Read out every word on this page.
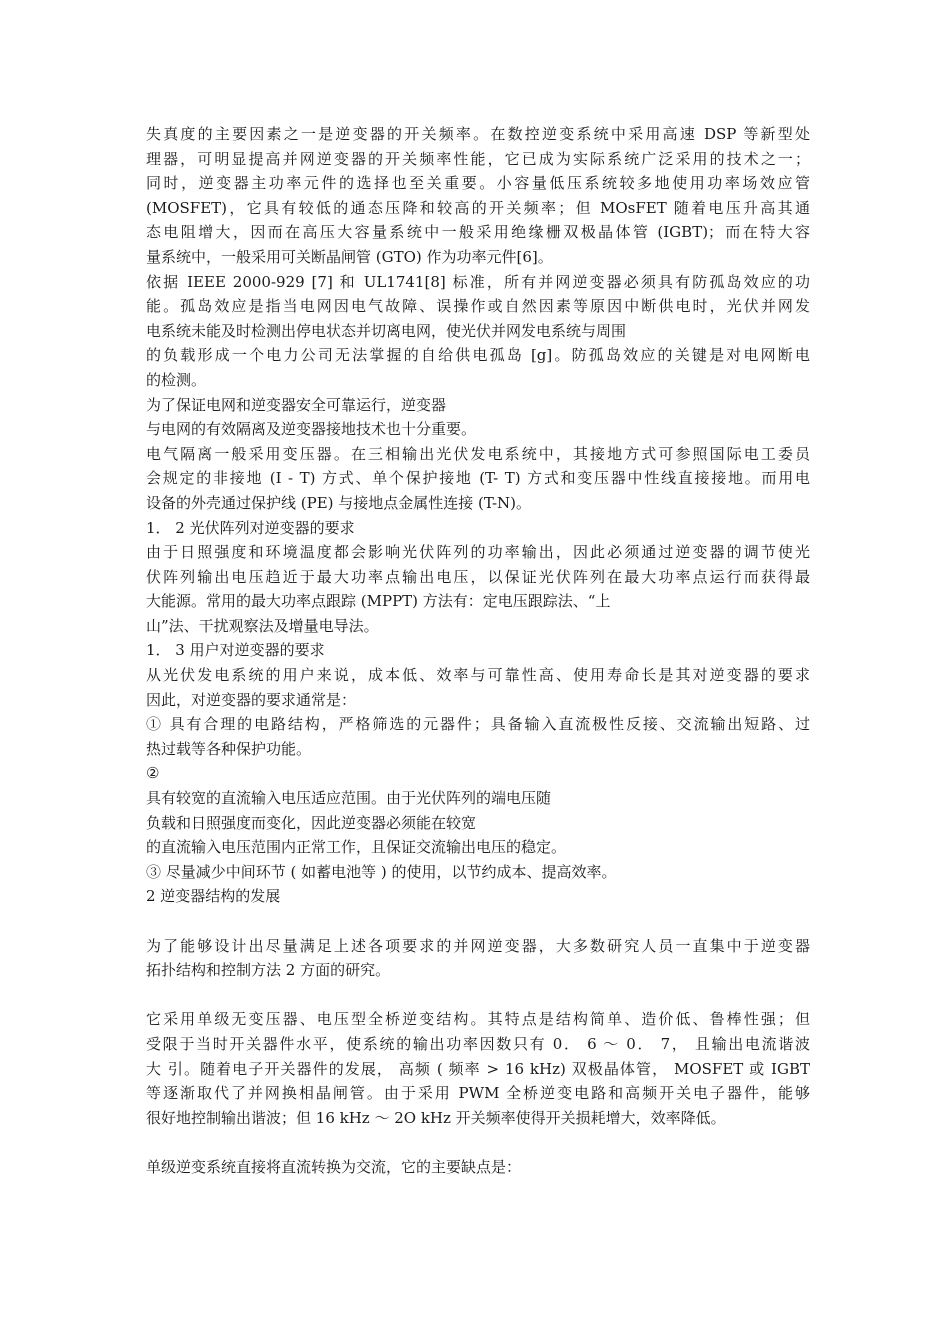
失真度的主要因素之一是逆变器的开关频率。在数控逆变系统中采用高速 DSP 等新型处
理器，可明显提高并网逆变器的开关频率性能，它已成为实际系统广泛采用的技术之一；
同时，逆变器主功率元件的选择也至关重要。小容量低压系统较多地使用功率场效应管
(MOSFET)，它具有较低的通态压降和较高的开关频率；但 MOsFET 随着电压升高其通
态电阻增大，因而在高压大容量系统中一般采用绝缘栅双极晶体管 (IGBT)；而在特大容
量系统中，一般采用可关断晶闸管 (GTO) 作为功率元件[6]。
依据 IEEE 2000-929 [7] 和 UL1741[8] 标准，所有并网逆变器必须具有防孤岛效应的功
能。孤岛效应是指当电网因电气故障、误操作或自然因素等原因中断供电时，光伏并网发
电系统未能及时检测出停电状态并切离电网，使光伏并网发电系统与周围
的负载形成一个电力公司无法掌握的自给供电孤岛 [g]。防孤岛效应的关键是对电网断电
的检测。
为了保证电网和逆变器安全可靠运行，逆变器
与电网的有效隔离及逆变器接地技术也十分重要。
电气隔离一般采用变压器。在三相输出光伏发电系统中，其接地方式可参照国际电工委员
会规定的非接地 (I - T) 方式、单个保护接地 (T- T) 方式和变压器中性线直接接地。而用电
设备的外壳通过保护线 (PE) 与接地点金属性连接 (T-N)。
1． 2 光伏阵列对逆变器的要求
由于日照强度和环境温度都会影响光伏阵列的功率输出，因此必须通过逆变器的调节使光
伏阵列输出电压趋近于最大功率点输出电压，以保证光伏阵列在最大功率点运行而获得最
大能源。常用的最大功率点跟踪 (MPPT) 方法有：定电压跟踪法、“上
山”法、干扰观察法及增量电导法。
1． 3 用户对逆变器的要求
从光伏发电系统的用户来说，成本低、效率与可靠性高、使用寿命长是其对逆变器的要求
因此，对逆变器的要求通常是：
① 具有合理的电路结构，严格筛选的元器件；具备输入直流极性反接、交流输出短路、过
热过载等各种保护功能。
②
具有较宽的直流输入电压适应范围。由于光伏阵列的端电压随
负载和日照强度而变化，因此逆变器必须能在较宽
的直流输入电压范围内正常工作，且保证交流输出电压的稳定。
③ 尽量减少中间环节 ( 如蓄电池等 ) 的使用，以节约成本、提高效率。
2 逆变器结构的发展
为了能够设计出尽量满足上述各项要求的并网逆变器，大多数研究人员一直集中于逆变器
拓扑结构和控制方法 2 方面的研究。
它采用单级无变压器、电压型全桥逆变结构。其特点是结构简单、造价低、鲁棒性强；但
受限于当时开关器件水平，使系统的输出功率因数只有 0． 6 ～ 0． 7， 且输出电流谐波
大 引。随着电子开关器件的发展， 高频 ( 频率 > 16 kHz) 双极晶体管， MOSFET 或 IGBT
等逐渐取代了并网换相晶闸管。由于采用 PWM 全桥逆变电路和高频开关电子器件，能够
很好地控制输出谐波；但 16 kHz ～ 2O kHz 开关频率使得开关损耗增大，效率降低。
单级逆变系统直接将直流转换为交流，它的主要缺点是：
